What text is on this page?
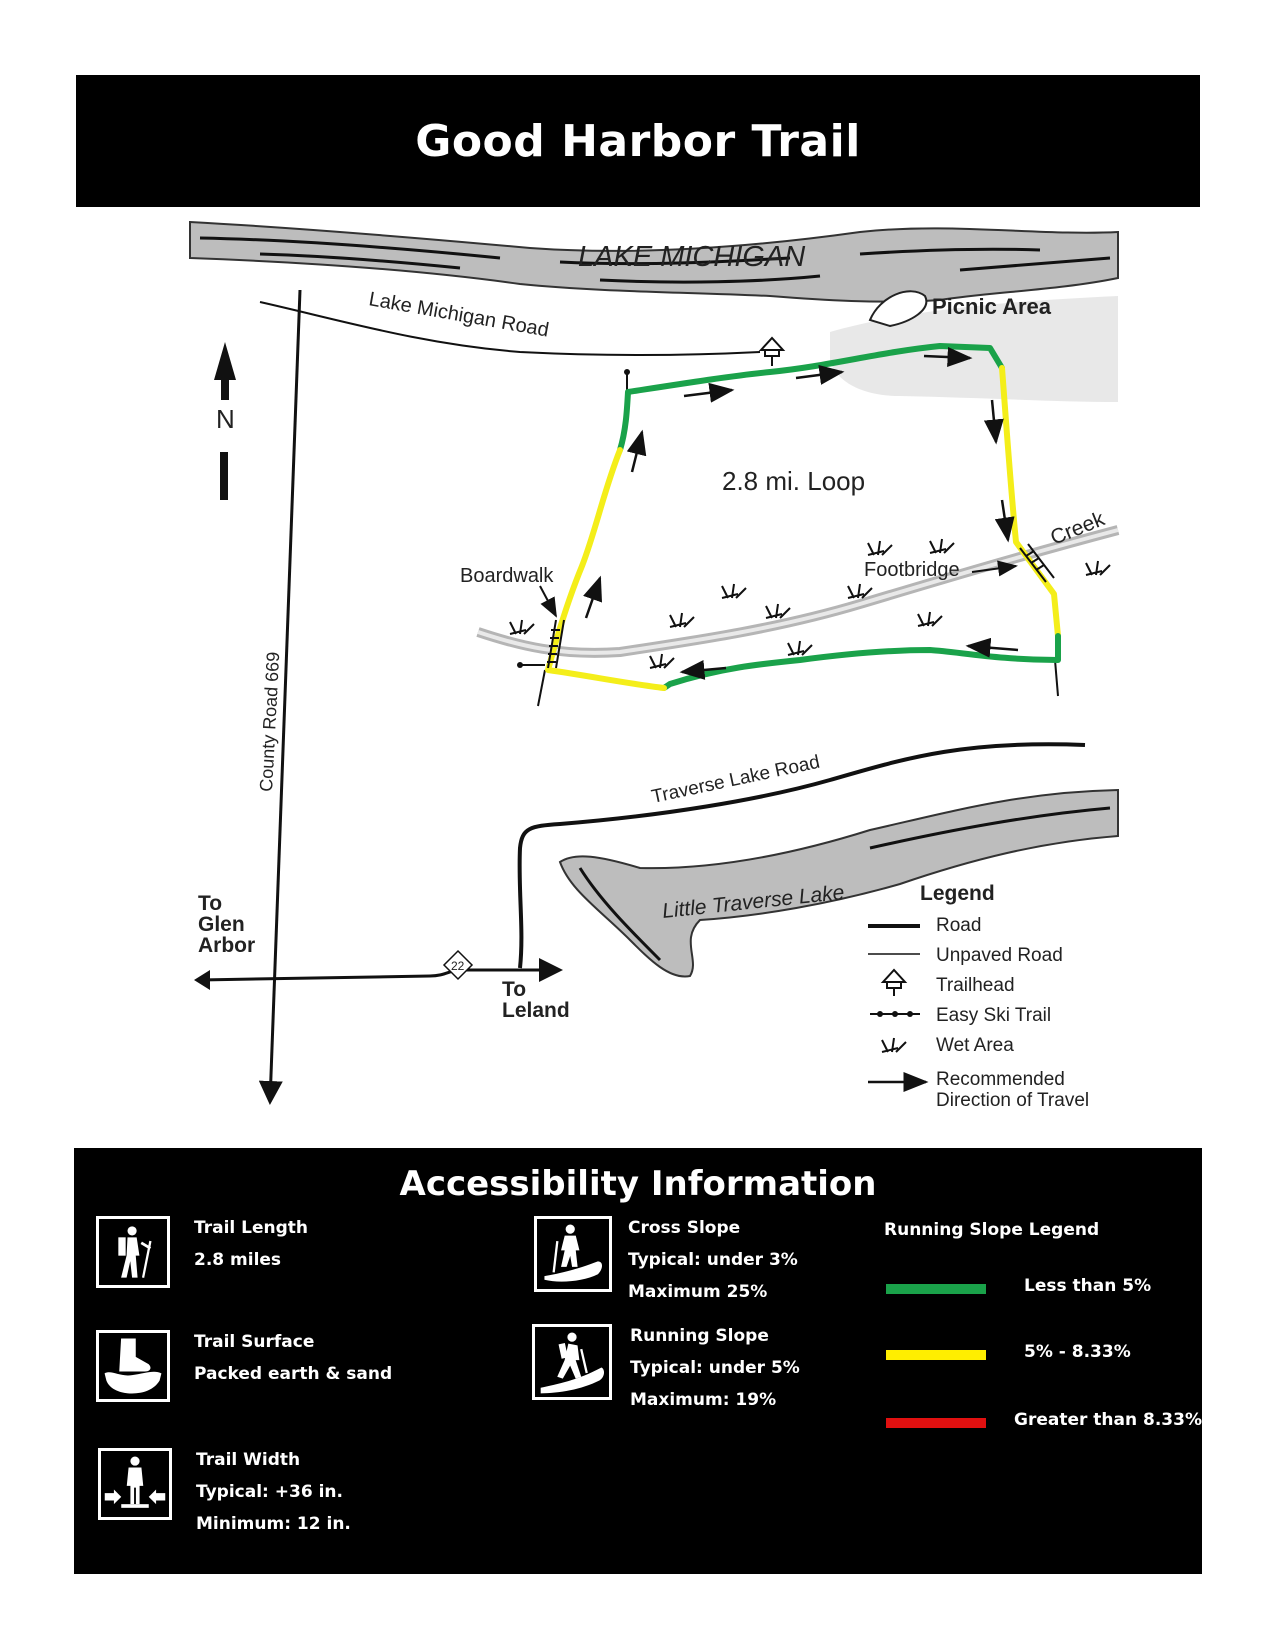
Good Harbor Trail
LAKE MICHIGAN
Picnic Area
Lake Michigan Road
County Road 669
N
22
To
Glen
Arbor
To
Leland
Traverse Lake Road
Little Traverse Lake
Creek
2.8 mi. Loop
Boardwalk	Footbridge
Legend
Road
Unpaved Road
Trailhead
Easy Ski Trail
Wet Area
Recommended
Direction of Travel
Accessibility Information
Trail Length
2.8 miles
Trail Surface
Packed earth & sand
Trail Width
Typical: +36 in.
Minimum: 12 in.
Cross Slope
Typical: under 3%
Maximum 25%
Running Slope
Typical: under 5%
Maximum: 19%
Running Slope Legend
Less than 5%
5% - 8.33%
Greater than 8.33%
